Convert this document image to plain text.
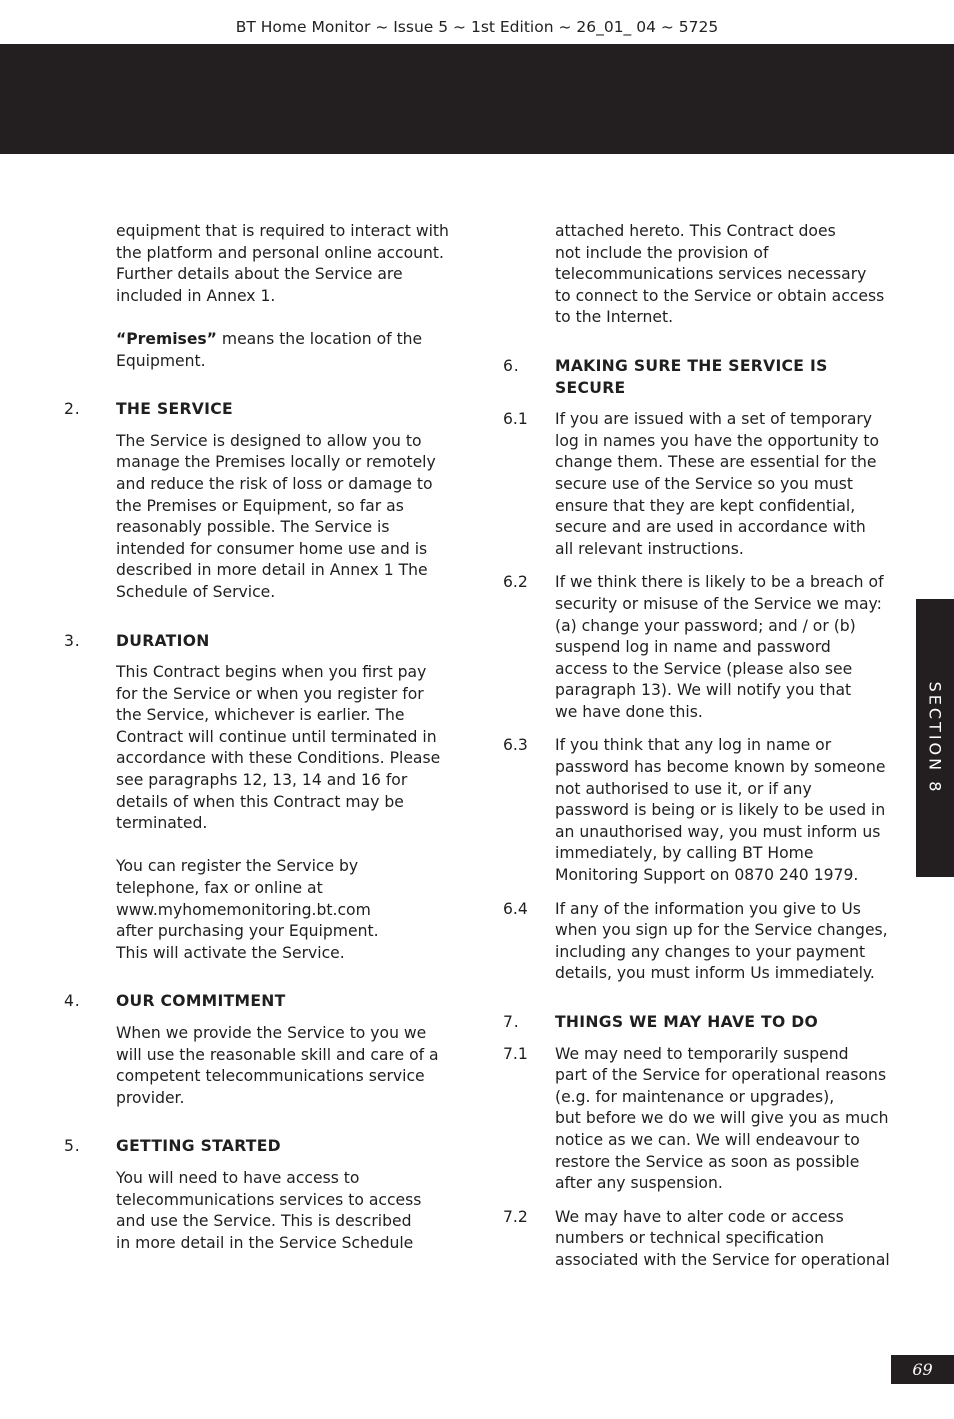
BT Home Monitor ~ Issue 5 ~ 1st Edition ~ 26_01_ 04 ~ 5725
equipment that is required to interact with
the platform and personal online account.
Further details about the Service are
included in Annex 1.
“Premises” means the location of the
Equipment.
2. THE SERVICE
The Service is designed to allow you to
manage the Premises locally or remotely
and reduce the risk of loss or damage to
the Premises or Equipment, so far as
reasonably possible. The Service is
intended for consumer home use and is
described in more detail in Annex 1 The
Schedule of Service.
3. DURATION
This Contract begins when you first pay
for the Service or when you register for
the Service, whichever is earlier. The
Contract will continue until terminated in
accordance with these Conditions. Please
see paragraphs 12, 13, 14 and 16 for
details of when this Contract may be
terminated.
You can register the Service by
telephone, fax or online at
www.myhomemonitoring.bt.com
after purchasing your Equipment.
This will activate the Service.
4. OUR COMMITMENT
When we provide the Service to you we
will use the reasonable skill and care of a
competent telecommunications service
provider.
5. GETTING STARTED
You will need to have access to
telecommunications services to access
and use the Service. This is described
in more detail in the Service Schedule
attached hereto. This Contract does
not include the provision of
telecommunications services necessary
to connect to the Service or obtain access
to the Internet.
6. MAKING SURE THE SERVICE IS SECURE
6.1 If you are issued with a set of temporary
log in names you have the opportunity to
change them. These are essential for the
secure use of the Service so you must
ensure that they are kept confidential,
secure and are used in accordance with
all relevant instructions.
6.2 If we think there is likely to be a breach of
security or misuse of the Service we may:
(a) change your password; and / or (b)
suspend log in name and password
access to the Service (please also see
paragraph 13). We will notify you that
we have done this.
6.3 If you think that any log in name or
password has become known by someone
not authorised to use it, or if any
password is being or is likely to be used in
an unauthorised way, you must inform us
immediately, by calling BT Home
Monitoring Support on 0870 240 1979.
6.4 If any of the information you give to Us
when you sign up for the Service changes,
including any changes to your payment
details, you must inform Us immediately.
7. THINGS WE MAY HAVE TO DO
7.1 We may need to temporarily suspend
part of the Service for operational reasons
(e.g. for maintenance or upgrades),
but before we do we will give you as much
notice as we can. We will endeavour to
restore the Service as soon as possible
after any suspension.
7.2 We may have to alter code or access
numbers or technical specification
associated with the Service for operational
SECTION 8
69
